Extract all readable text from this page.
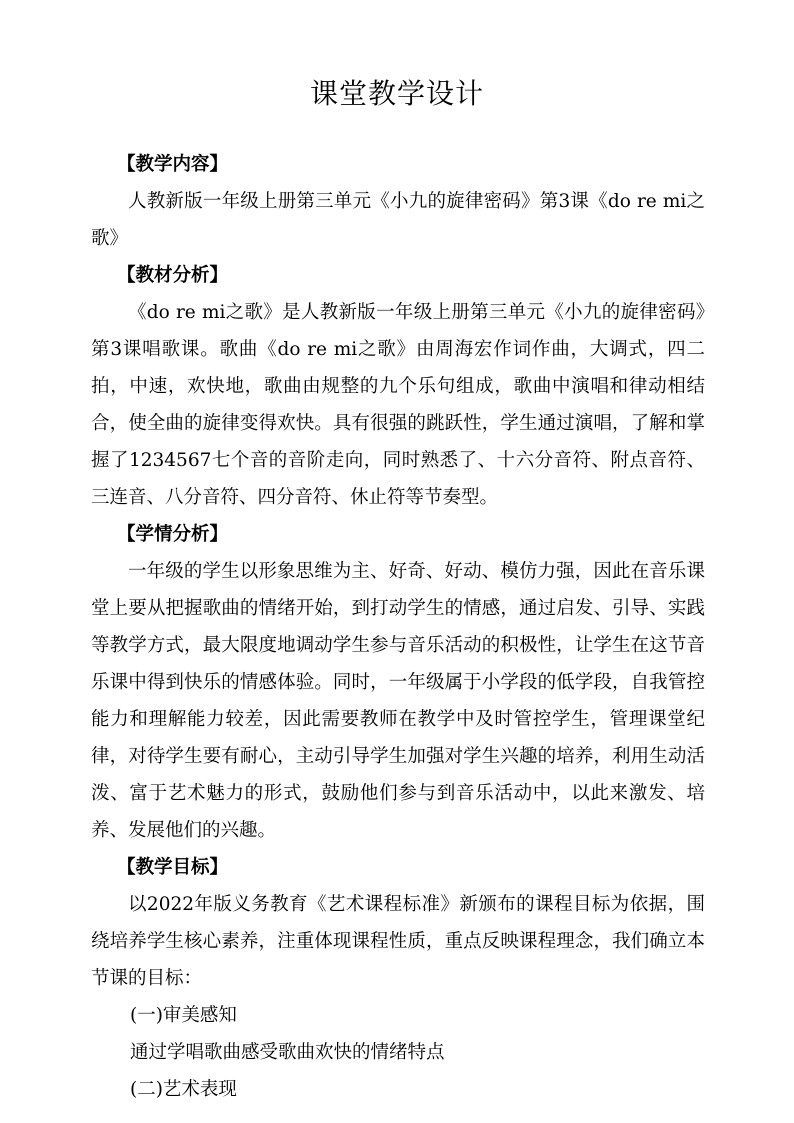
课堂教学设计

【教学内容】

人教新版一年级上册第三单元《小九的旋律密码》第3课《do re mi之歌》

【教材分析】

《do re mi之歌》是人教新版一年级上册第三单元《小九的旋律密码》第3课唱歌课。歌曲《do re mi之歌》由周海宏作词作曲，大调式，四二拍，中速，欢快地，歌曲由规整的九个乐句组成，歌曲中演唱和律动相结合，使全曲的旋律变得欢快。具有很强的跳跃性，学生通过演唱，了解和掌握了1234567七个音的音阶走向，同时熟悉了、十六分音符、附点音符、三连音、八分音符、四分音符、休止符等节奏型。

【学情分析】

一年级的学生以形象思维为主、好奇、好动、模仿力强，因此在音乐课堂上要从把握歌曲的情绪开始，到打动学生的情感，通过启发、引导、实践等教学方式，最大限度地调动学生参与音乐活动的积极性，让学生在这节音乐课中得到快乐的情感体验。同时，一年级属于小学段的低学段，自我管控能力和理解能力较差，因此需要教师在教学中及时管控学生，管理课堂纪律，对待学生要有耐心，主动引导学生加强对学生兴趣的培养，利用生动活泼、富于艺术魅力的形式，鼓励他们参与到音乐活动中，以此来激发、培养、发展他们的兴趣。

【教学目标】

以2022年版义务教育《艺术课程标准》新颁布的课程目标为依据，围绕培养学生核心素养，注重体现课程性质，重点反映课程理念，我们确立本节课的目标：

(一)审美感知

通过学唱歌曲感受歌曲欢快的情绪特点

(二)艺术表现
